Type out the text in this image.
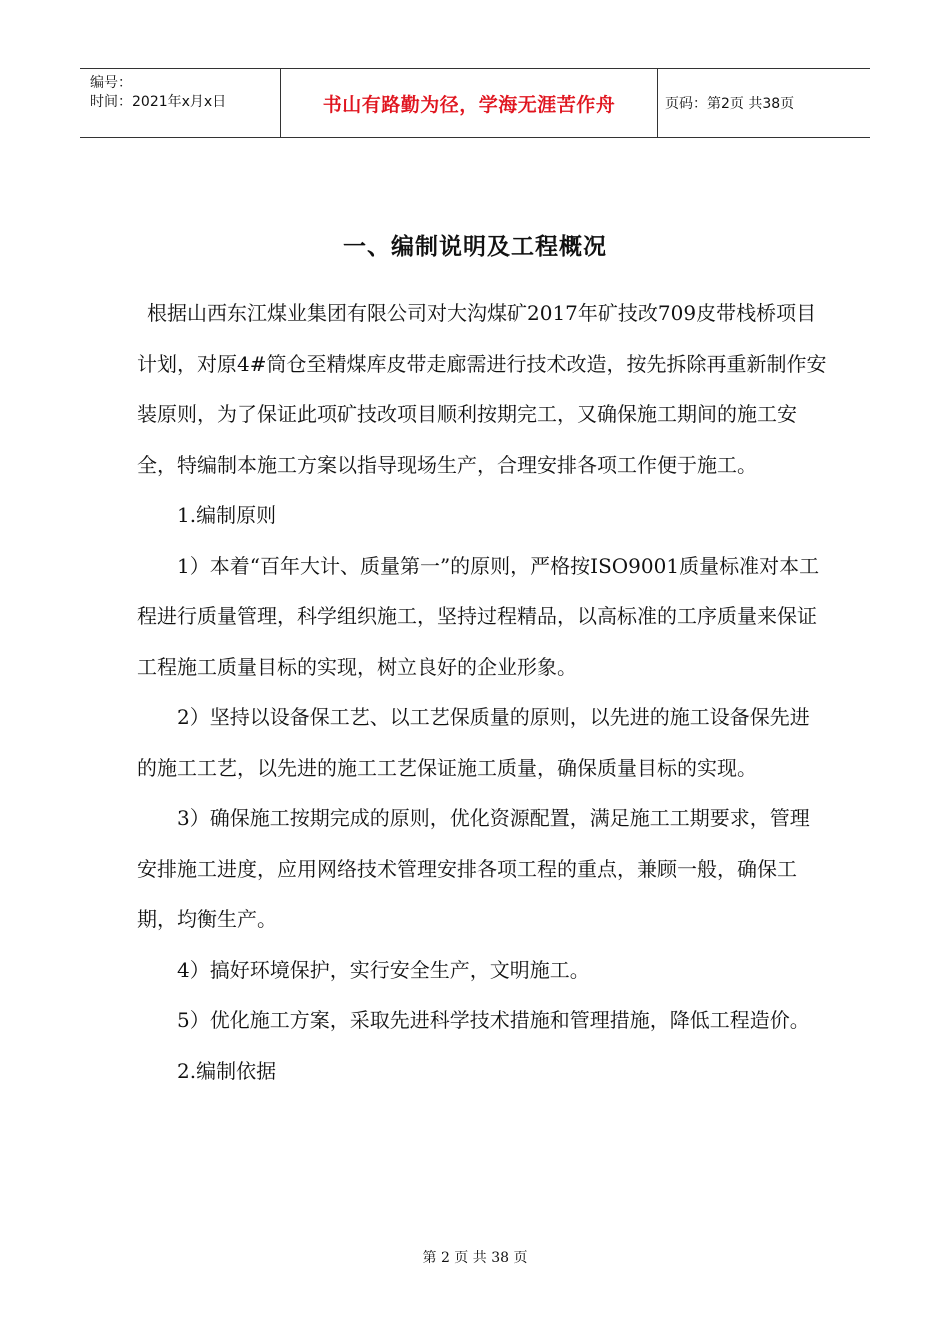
编号：
时间：2021年x月x日	书山有路勤为径，学海无涯苦作舟	页码：第2页 共38页
一、编制说明及工程概况

根据山西东江煤业集团有限公司对大沟煤矿2017年矿技改709皮带栈桥项目计划，对原4#筒仓至精煤库皮带走廊需进行技术改造，按先拆除再重新制作安装原则，为了保证此项矿技改项目顺利按期完工，又确保施工期间的施工安全，特编制本施工方案以指导现场生产，合理安排各项工作便于施工。

1.编制原则

1）本着“百年大计、质量第一”的原则，严格按ISO9001质量标准对本工程进行质量管理，科学组织施工，坚持过程精品，以高标准的工序质量来保证工程施工质量目标的实现，树立良好的企业形象。

2）坚持以设备保工艺、以工艺保质量的原则，以先进的施工设备保先进的施工工艺，以先进的施工工艺保证施工质量，确保质量目标的实现。

3）确保施工按期完成的原则，优化资源配置，满足施工工期要求，管理安排施工进度，应用网络技术管理安排各项工程的重点，兼顾一般，确保工期，均衡生产。

4）搞好环境保护，实行安全生产，文明施工。

5）优化施工方案，采取先进科学技术措施和管理措施，降低工程造价。

2.编制依据

第 2 页 共 38 页
